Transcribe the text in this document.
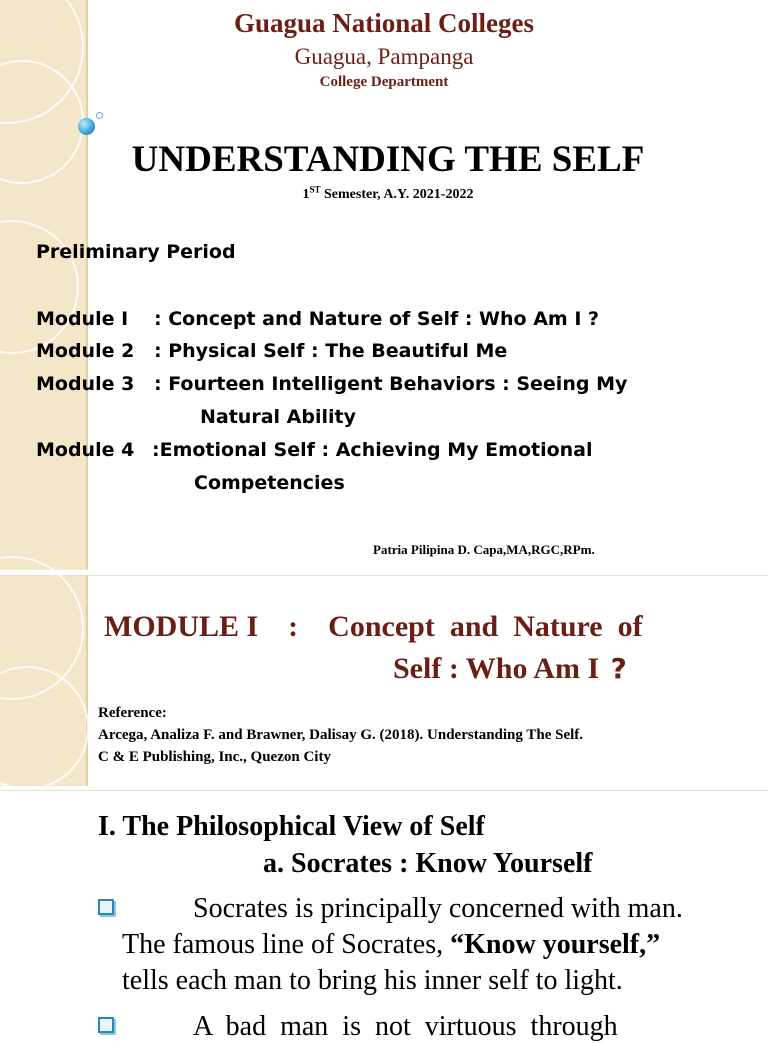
Guagua National Colleges
Guagua, Pampanga
College Department
UNDERSTANDING THE SELF
1ST Semester, A.Y. 2021-2022
Preliminary Period
Module I : Concept and Nature of Self : Who Am I ?
Module 2 : Physical Self : The Beautiful Me
Module 3 : Fourteen Intelligent Behaviors : Seeing My
Natural Ability
Module 4 :Emotional Self : Achieving My Emotional
Competencies
Patria Pilipina D. Capa,MA,RGC,RPm.
MODULE I    :    Concept  and  Nature  of
Self : Who Am I ?
Reference:
Arcega, Analiza F. and Brawner, Dalisay G. (2018). Understanding The Self.
C & E Publishing, Inc., Quezon City
I. The Philosophical View of Self
a. Socrates : Know Yourself
Socrates is principally concerned with man.
The famous line of Socrates, “Know yourself,”
tells each man to bring his inner self to light.
A  bad  man  is  not  virtuous  through
